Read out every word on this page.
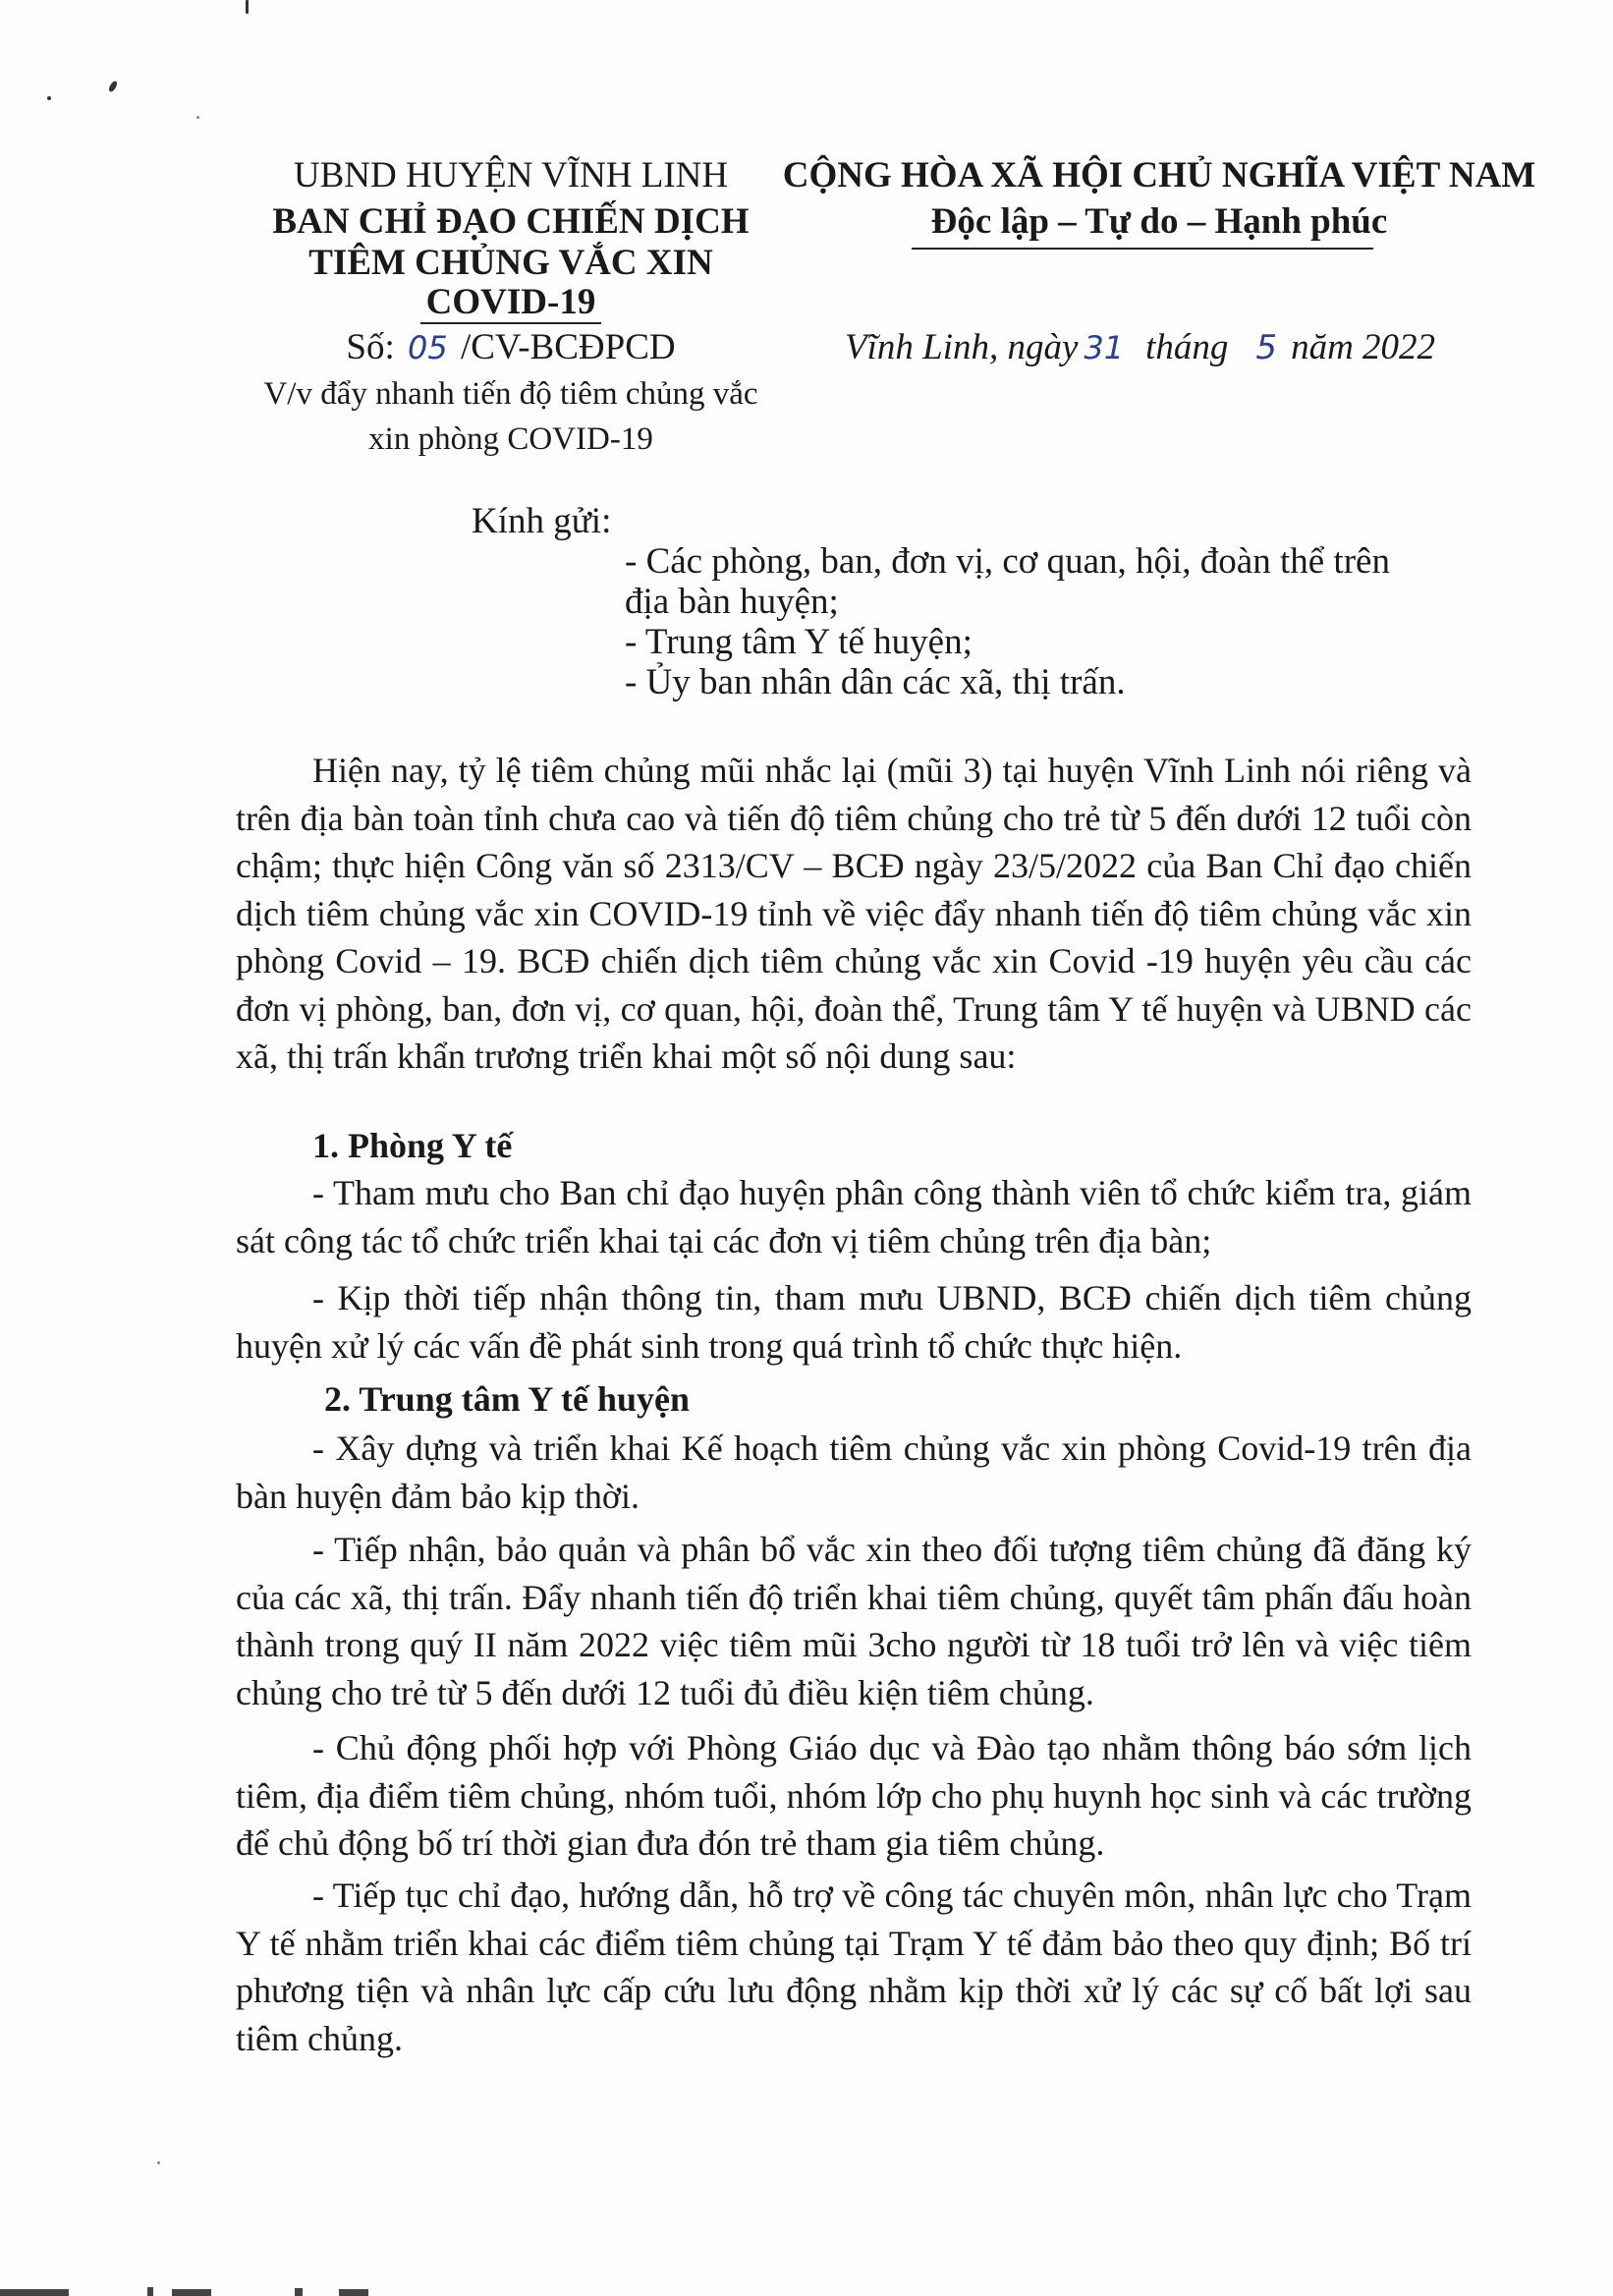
UBND HUYỆN VĨNH LINH
BAN CHỈ ĐẠO CHIẾN DỊCH
TIÊM CHỦNG VẮC XIN
COVID-19
Số: 05 /CV-BCĐPCD
V/v đẩy nhanh tiến độ tiêm chủng vắc
xin phòng COVID-19
CỘNG HÒA XÃ HỘI CHỦ NGHĨA VIỆT NAM
Độc lập – Tự do – Hạnh phúc
Vĩnh Linh, ngày 31 tháng 5 năm 2022
Kính gửi:
- Các phòng, ban, đơn vị, cơ quan, hội, đoàn thể trên
địa bàn huyện;
- Trung tâm Y tế huyện;
- Ủy ban nhân dân các xã, thị trấn.
Hiện nay, tỷ lệ tiêm chủng mũi nhắc lại (mũi 3) tại huyện Vĩnh Linh nói riêng và trên địa bàn toàn tỉnh chưa cao và tiến độ tiêm chủng cho trẻ từ 5 đến dưới 12 tuổi còn chậm; thực hiện Công văn số 2313/CV – BCĐ ngày 23/5/2022 của Ban Chỉ đạo chiến dịch tiêm chủng vắc xin COVID-19 tỉnh về việc đẩy nhanh tiến độ tiêm chủng vắc xin phòng Covid – 19. BCĐ chiến dịch tiêm chủng vắc xin Covid -19 huyện yêu cầu các đơn vị phòng, ban, đơn vị, cơ quan, hội, đoàn thể, Trung tâm Y tế huyện và UBND các xã, thị trấn khẩn trương triển khai một số nội dung sau:
1. Phòng Y tế
- Tham mưu cho Ban chỉ đạo huyện phân công thành viên tổ chức kiểm tra, giám sát công tác tổ chức triển khai tại các đơn vị tiêm chủng trên địa bàn;
- Kịp thời tiếp nhận thông tin, tham mưu UBND, BCĐ chiến dịch tiêm chủng huyện xử lý các vấn đề phát sinh trong quá trình tổ chức thực hiện.
2. Trung tâm Y tế huyện
- Xây dựng và triển khai Kế hoạch tiêm chủng vắc xin phòng Covid-19 trên địa bàn huyện đảm bảo kịp thời.
- Tiếp nhận, bảo quản và phân bổ vắc xin theo đối tượng tiêm chủng đã đăng ký của các xã, thị trấn. Đẩy nhanh tiến độ triển khai tiêm chủng, quyết tâm phấn đấu hoàn thành trong quý II năm 2022 việc tiêm mũi 3cho người từ 18 tuổi trở lên và việc tiêm chủng cho trẻ từ 5 đến dưới 12 tuổi đủ điều kiện tiêm chủng.
- Chủ động phối hợp với Phòng Giáo dục và Đào tạo nhằm thông báo sớm lịch tiêm, địa điểm tiêm chủng, nhóm tuổi, nhóm lớp cho phụ huynh học sinh và các trường để chủ động bố trí thời gian đưa đón trẻ tham gia tiêm chủng.
- Tiếp tục chỉ đạo, hướng dẫn, hỗ trợ về công tác chuyên môn, nhân lực cho Trạm Y tế nhằm triển khai các điểm tiêm chủng tại Trạm Y tế đảm bảo theo quy định; Bố trí phương tiện và nhân lực cấp cứu lưu động nhằm kịp thời xử lý các sự cố bất lợi sau tiêm chủng.
